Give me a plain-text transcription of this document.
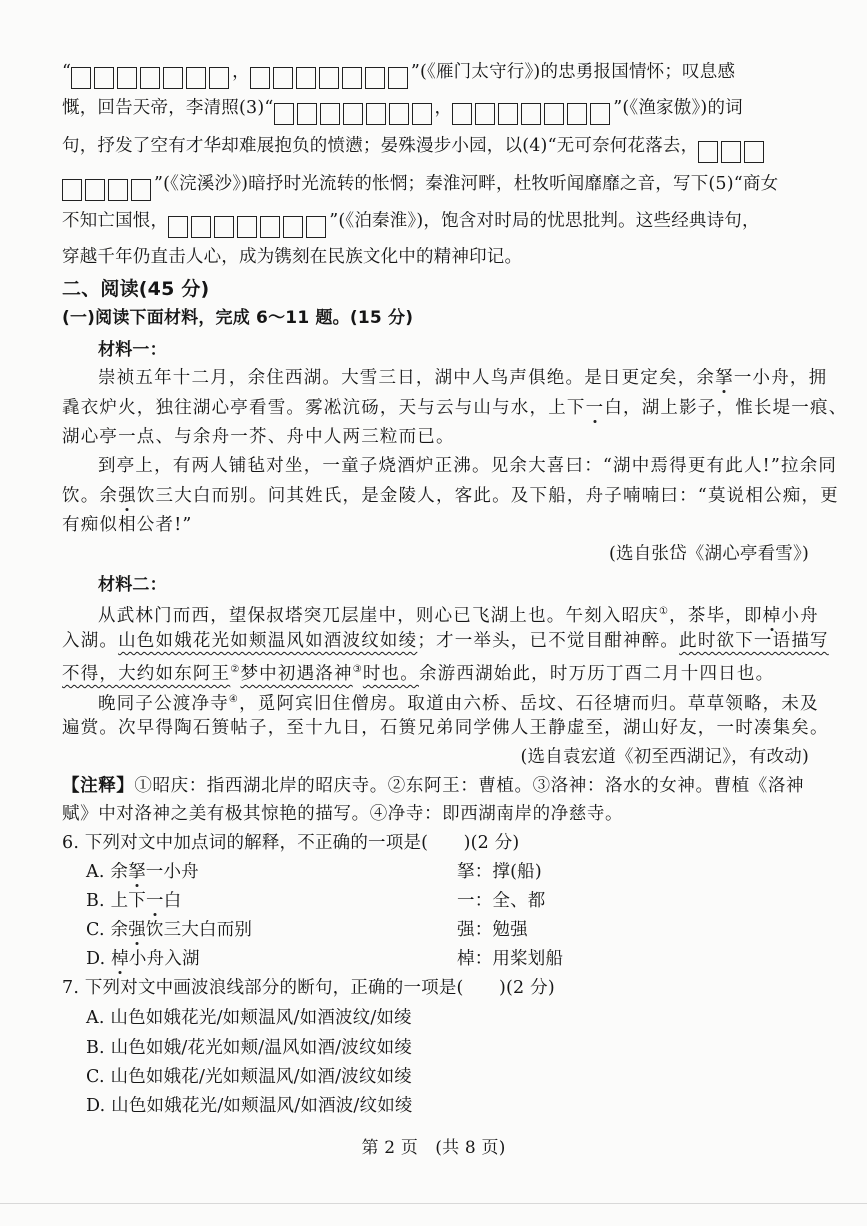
“	，	”(《雁门太守行》)的忠勇报国情怀；叹息感
慨，回告天帝，李清照(3)“	，	”(《渔家傲》)的词
句，抒发了空有才华却难展抱负的愤懑；晏殊漫步小园，以(4)“无可奈何花落去，
”(《浣溪沙》)暗抒时光流转的怅惘；秦淮河畔，杜牧听闻靡靡之音，写下(5)“商女
不知亡国恨，	”(《泊秦淮》)，饱含对时局的忧思批判。这些经典诗句，
穿越千年仍直击人心，成为镌刻在民族文化中的精神印记。
二、阅读(45 分)
(一)阅读下面材料，完成 6～11 题。(15 分)
材料一：
崇祯五年十二月，余住西湖。大雪三日，湖中人鸟声俱绝。是日更定矣，余拏一小舟，拥
毳衣炉火，独往湖心亭看雪。雾凇沆砀，天与云与山与水，上下一白，湖上影子，惟长堤一痕、
湖心亭一点、与余舟一芥、舟中人两三粒而已。
到亭上，有两人铺毡对坐，一童子烧酒炉正沸。见余大喜曰：“湖中焉得更有此人!”拉余同
饮。余强饮三大白而别。问其姓氏，是金陵人，客此。及下船，舟子喃喃曰：“莫说相公痴，更
有痴似相公者!”
(选自张岱《湖心亭看雪》)
材料二：
从武林门而西，望保叔塔突兀层崖中，则心已飞湖上也。午刻入昭庆①，茶毕，即棹小舟
入湖。山色如娥花光如颊温风如酒波纹如绫；才一举头，已不觉目酣神醉。此时欲下一语描写
不得，大约如东阿王②梦中初遇洛神③时也。余游西湖始此，时万历丁酉二月十四日也。
晚同子公渡净寺④，觅阿宾旧住僧房。取道由六桥、岳坟、石径塘而归。草草领略，未及
遍赏。次早得陶石篑帖子，至十九日，石篑兄弟同学佛人王静虚至，湖山好友，一时凑集矣。
(选自袁宏道《初至西湖记》，有改动)
【注释】①昭庆：指西湖北岸的昭庆寺。②东阿王：曹植。③洛神：洛水的女神。曹植《洛神
赋》中对洛神之美有极其惊艳的描写。④净寺：即西湖南岸的净慈寺。
6. 下列对文中加点词的解释，不正确的一项是(　　)(2 分)
A. 余拏一小舟	拏：撑(船)
B. 上下一白	一：全、都
C. 余强饮三大白而别	强：勉强
D. 棹小舟入湖	棹：用桨划船
7. 下列对文中画波浪线部分的断句，正确的一项是(　　)(2 分)
A. 山色如娥花光/如颊温风/如酒波纹/如绫
B. 山色如娥/花光如颊/温风如酒/波纹如绫
C. 山色如娥花/光如颊温风/如酒/波纹如绫
D. 山色如娥花光/如颊温风/如酒波/纹如绫
第 2 页　(共 8 页)
